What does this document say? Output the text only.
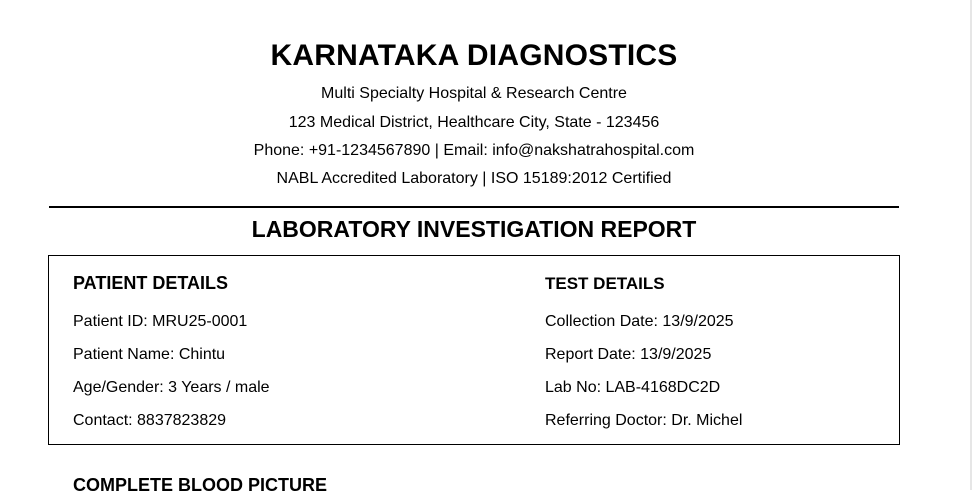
KARNATAKA DIAGNOSTICS
Multi Specialty Hospital & Research Centre
123 Medical District, Healthcare City, State - 123456
Phone: +91-1234567890 | Email: info@nakshatrahospital.com
NABL Accredited Laboratory | ISO 15189:2012 Certified
LABORATORY INVESTIGATION REPORT
PATIENT DETAILS
Patient ID: MRU25-0001
Patient Name: Chintu
Age/Gender: 3 Years / male
Contact: 8837823829
TEST DETAILS
Collection Date: 13/9/2025
Report Date: 13/9/2025
Lab No: LAB-4168DC2D
Referring Doctor: Dr. Michel
COMPLETE BLOOD PICTURE
